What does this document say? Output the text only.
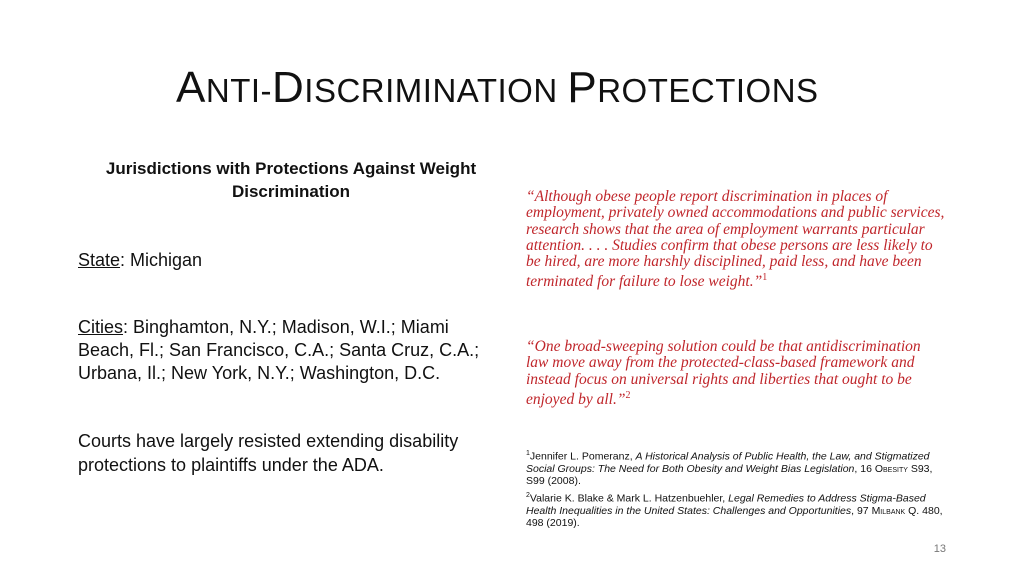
ANTI-DISCRIMINATION PROTECTIONS
Jurisdictions with Protections Against Weight Discrimination
State: Michigan
Cities: Binghamton, N.Y.; Madison, W.I.; Miami Beach, Fl.; San Francisco, C.A.; Santa Cruz, C.A.; Urbana, Il.; New York, N.Y.; Washington, D.C.
Courts have largely resisted extending disability protections to plaintiffs under the ADA.
“Although obese people report discrimination in places of employment, privately owned accommodations and public services, research shows that the area of employment warrants particular attention. . . . Studies confirm that obese persons are less likely to be hired, are more harshly disciplined, paid less, and have been terminated for failure to lose weight.”$^1$
“One broad-sweeping solution could be that antidiscrimination law move away from the protected-class-based framework and instead focus on universal rights and liberties that ought to be enjoyed by all.”$^2$
$^1$Jennifer L. Pomeranz, A Historical Analysis of Public Health, the Law, and Stigmatized Social Groups: The Need for Both Obesity and Weight Bias Legislation, 16 Obesity S93, S99 (2008).
$^2$Valarie K. Blake & Mark L. Hatzenbuehler, Legal Remedies to Address Stigma-Based Health Inequalities in the United States: Challenges and Opportunities, 97 Milbank Q. 480, 498 (2019).
13
